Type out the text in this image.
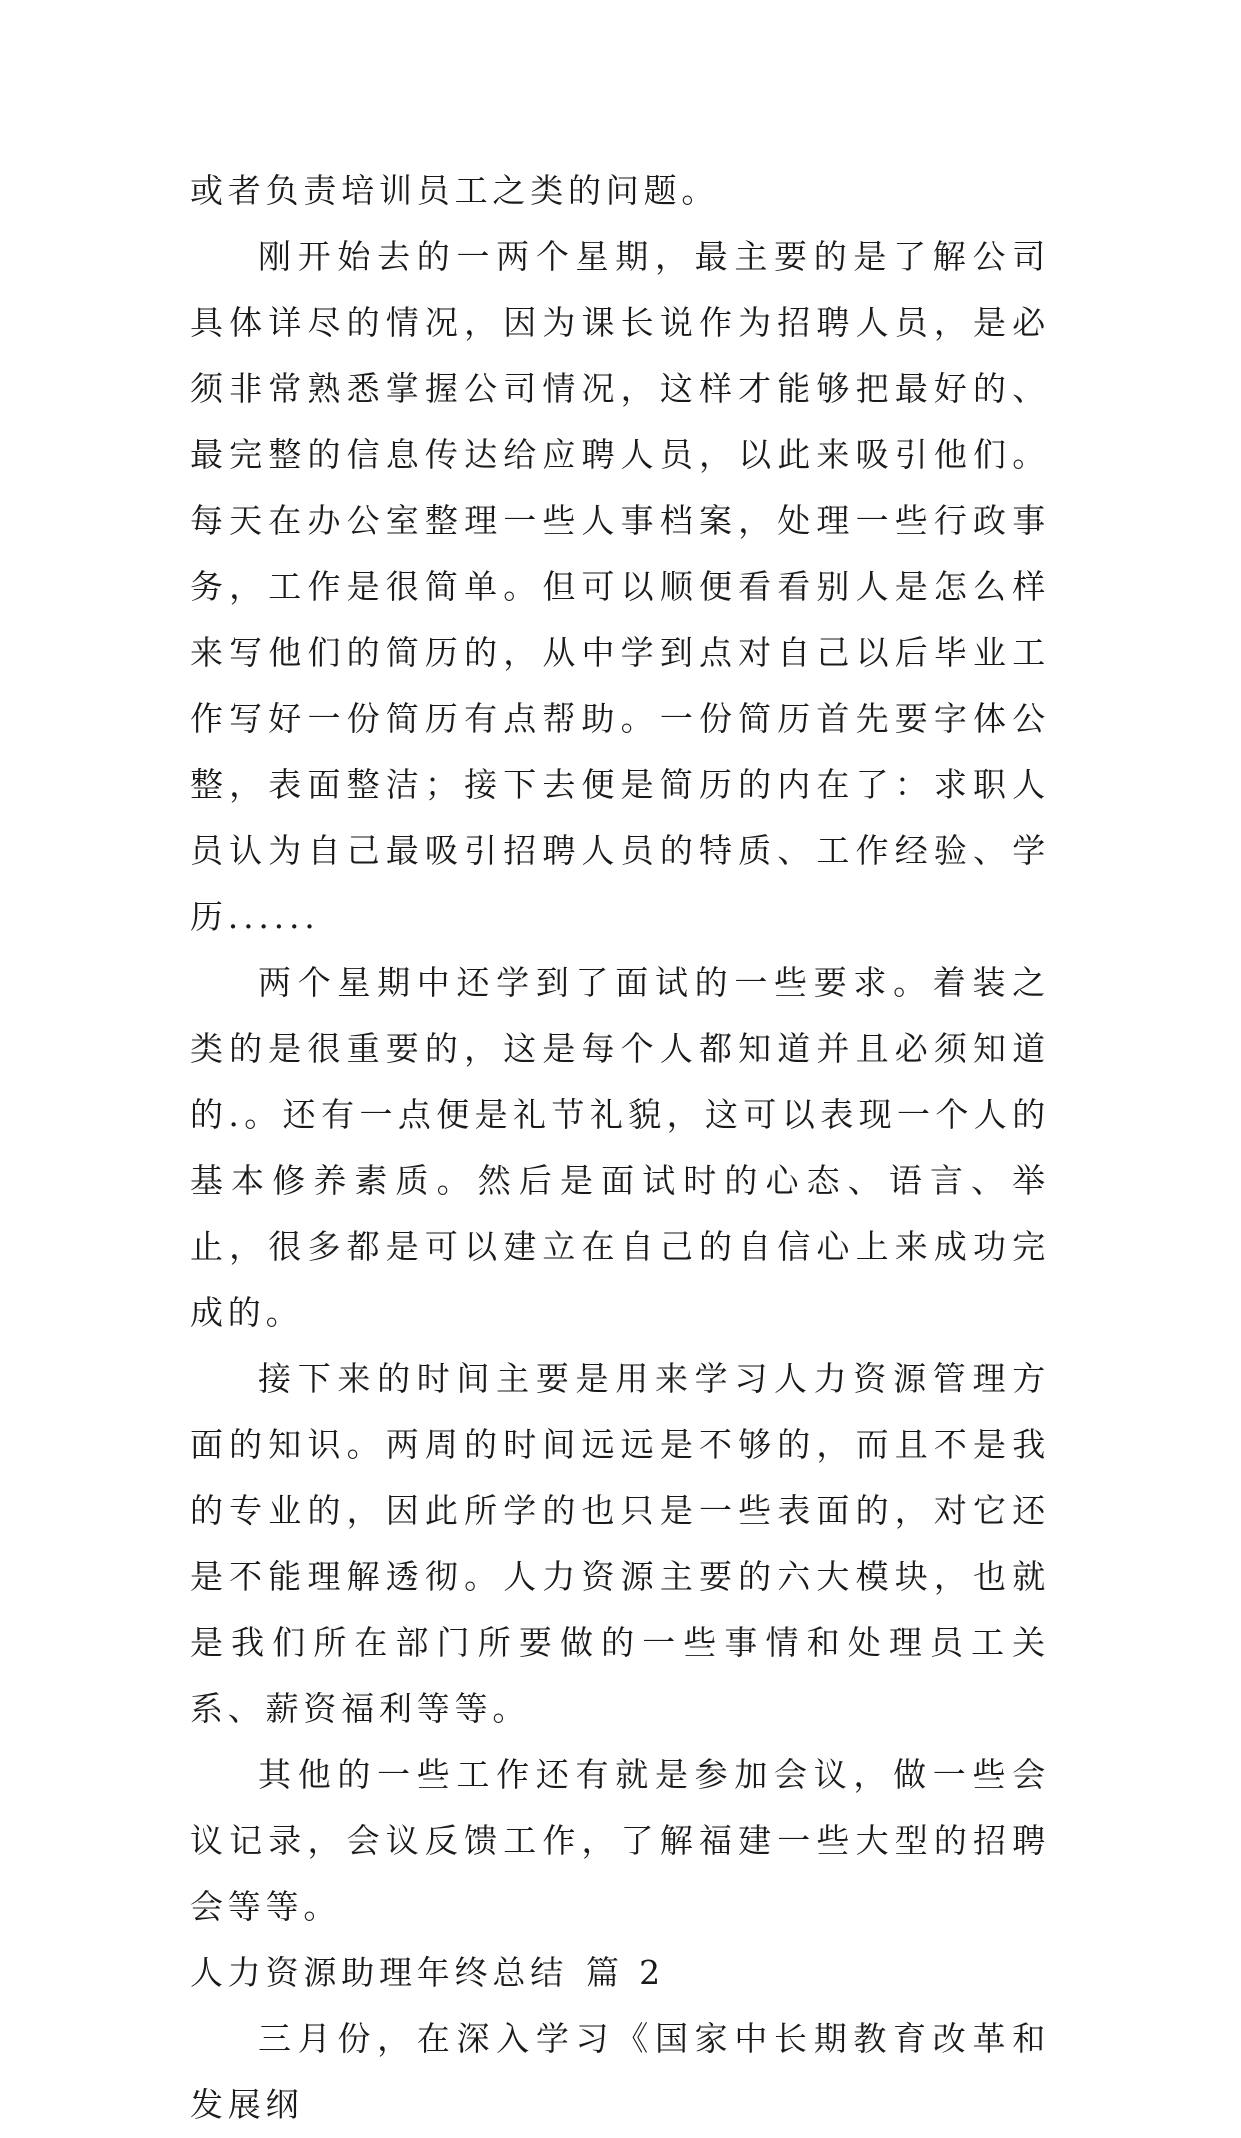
或者负责培训员工之类的问题。

刚开始去的一两个星期，最主要的是了解公司具体详尽的情况，因为课长说作为招聘人员，是必须非常熟悉掌握公司情况，这样才能够把最好的、最完整的信息传达给应聘人员，以此来吸引他们。每天在办公室整理一些人事档案，处理一些行政事务，工作是很简单。但可以顺便看看别人是怎么样来写他们的简历的，从中学到点对自己以后毕业工作写好一份简历有点帮助。一份简历首先要字体公整，表面整洁；接下去便是简历的内在了：求职人员认为自己最吸引招聘人员的特质、工作经验、学历......

两个星期中还学到了面试的一些要求。着装之类的是很重要的，这是每个人都知道并且必须知道的.。还有一点便是礼节礼貌，这可以表现一个人的基本修养素质。然后是面试时的心态、语言、举止，很多都是可以建立在自己的自信心上来成功完成的。

接下来的时间主要是用来学习人力资源管理方面的知识。两周的时间远远是不够的，而且不是我的专业的，因此所学的也只是一些表面的，对它还是不能理解透彻。人力资源主要的六大模块，也就是我们所在部门所要做的一些事情和处理员工关系、薪资福利等等。

其他的一些工作还有就是参加会议，做一些会议记录，会议反馈工作，了解福建一些大型的招聘会等等。

人力资源助理年终总结 篇 2

三月份，在深入学习《国家中长期教育改革和发展纲
